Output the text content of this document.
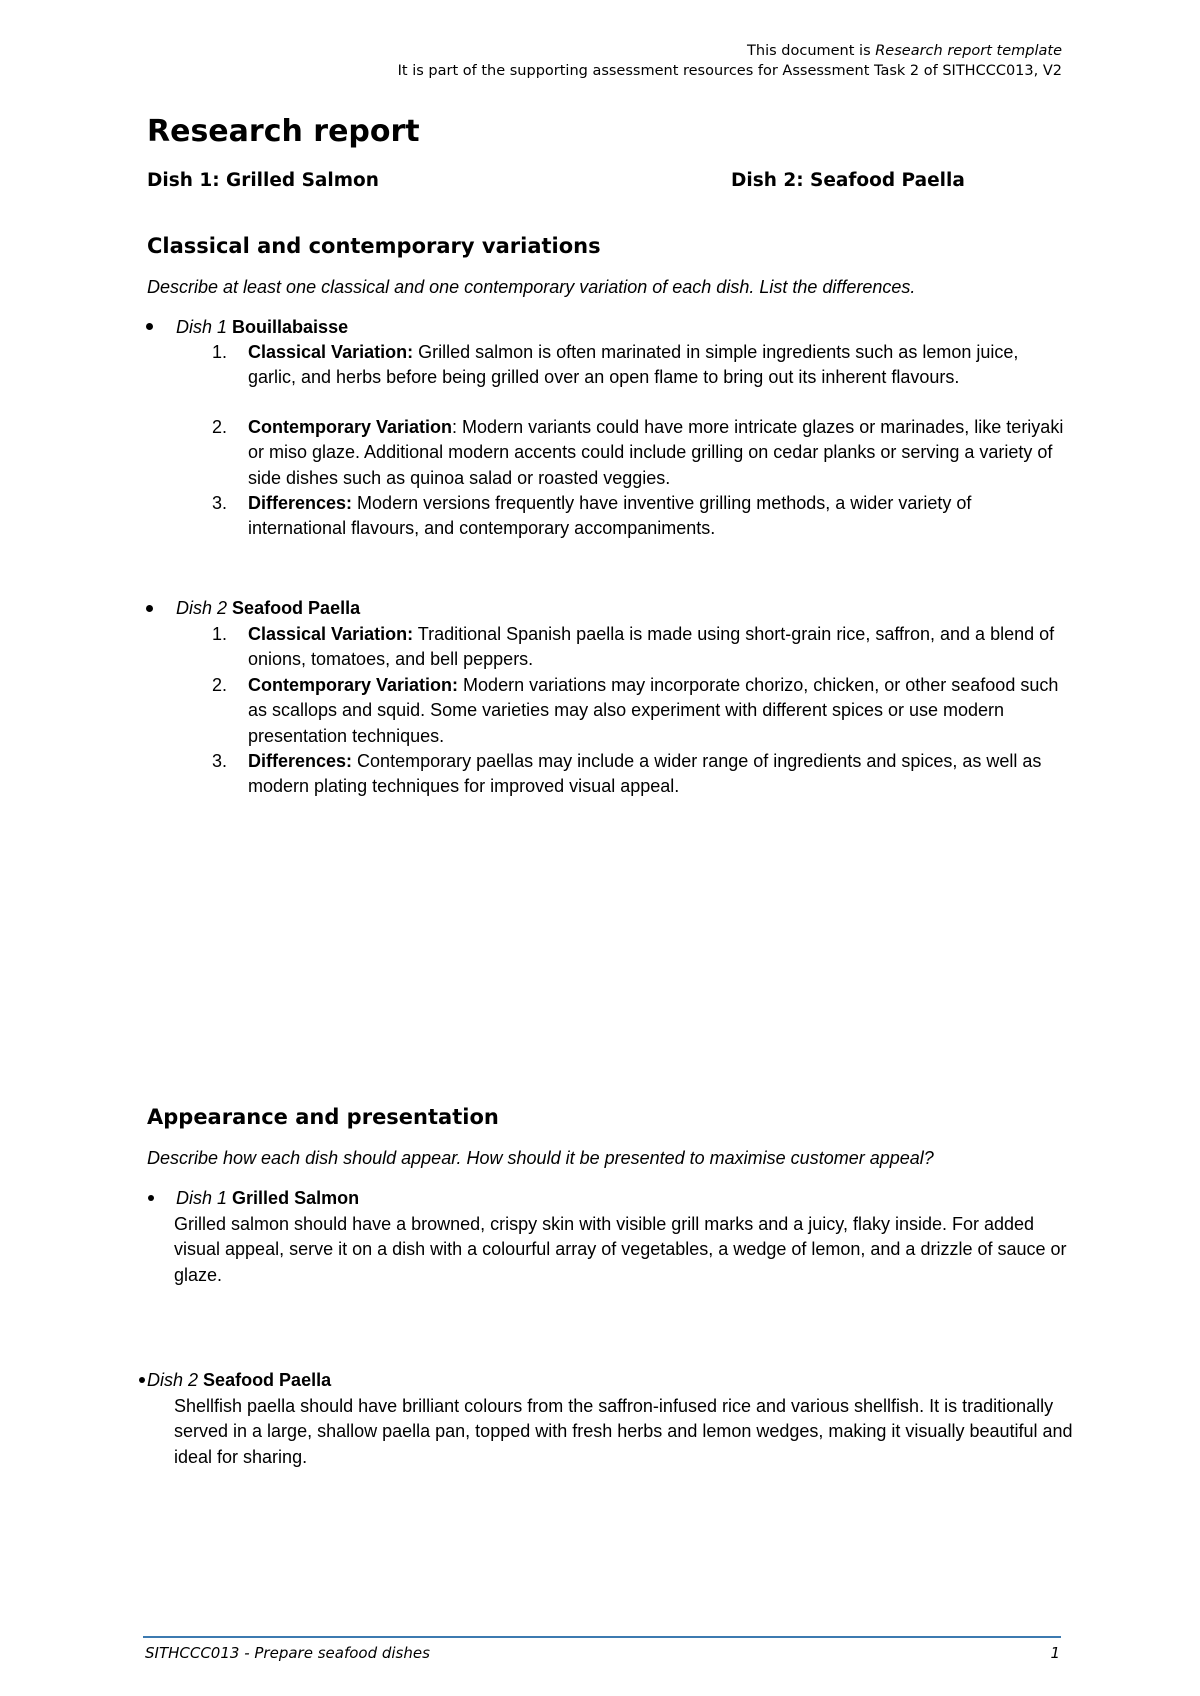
This document is Research report template
It is part of the supporting assessment resources for Assessment Task 2 of SITHCCC013, V2
Research report
Dish 1: Grilled Salmon	Dish 2: Seafood Paella
Classical and contemporary variations
Describe at least one classical and one contemporary variation of each dish. List the differences.
Dish 1 Bouillabaisse
1. Classical Variation: Grilled salmon is often marinated in simple ingredients such as lemon juice, garlic, and herbs before being grilled over an open flame to bring out its inherent flavours.
2. Contemporary Variation: Modern variants could have more intricate glazes or marinades, like teriyaki or miso glaze. Additional modern accents could include grilling on cedar planks or serving a variety of side dishes such as quinoa salad or roasted veggies.
3. Differences: Modern versions frequently have inventive grilling methods, a wider variety of international flavours, and contemporary accompaniments.
Dish 2 Seafood Paella
1. Classical Variation: Traditional Spanish paella is made using short-grain rice, saffron, and a blend of onions, tomatoes, and bell peppers.
2. Contemporary Variation: Modern variations may incorporate chorizo, chicken, or other seafood such as scallops and squid. Some varieties may also experiment with different spices or use modern presentation techniques.
3. Differences: Contemporary paellas may include a wider range of ingredients and spices, as well as modern plating techniques for improved visual appeal.
Appearance and presentation
Describe how each dish should appear. How should it be presented to maximise customer appeal?
Dish 1 Grilled Salmon
Grilled salmon should have a browned, crispy skin with visible grill marks and a juicy, flaky inside. For added visual appeal, serve it on a dish with a colourful array of vegetables, a wedge of lemon, and a drizzle of sauce or glaze.
Dish 2 Seafood Paella
Shellfish paella should have brilliant colours from the saffron-infused rice and various shellfish. It is traditionally served in a large, shallow paella pan, topped with fresh herbs and lemon wedges, making it visually beautiful and ideal for sharing.
SITHCCC013 - Prepare seafood dishes	1
